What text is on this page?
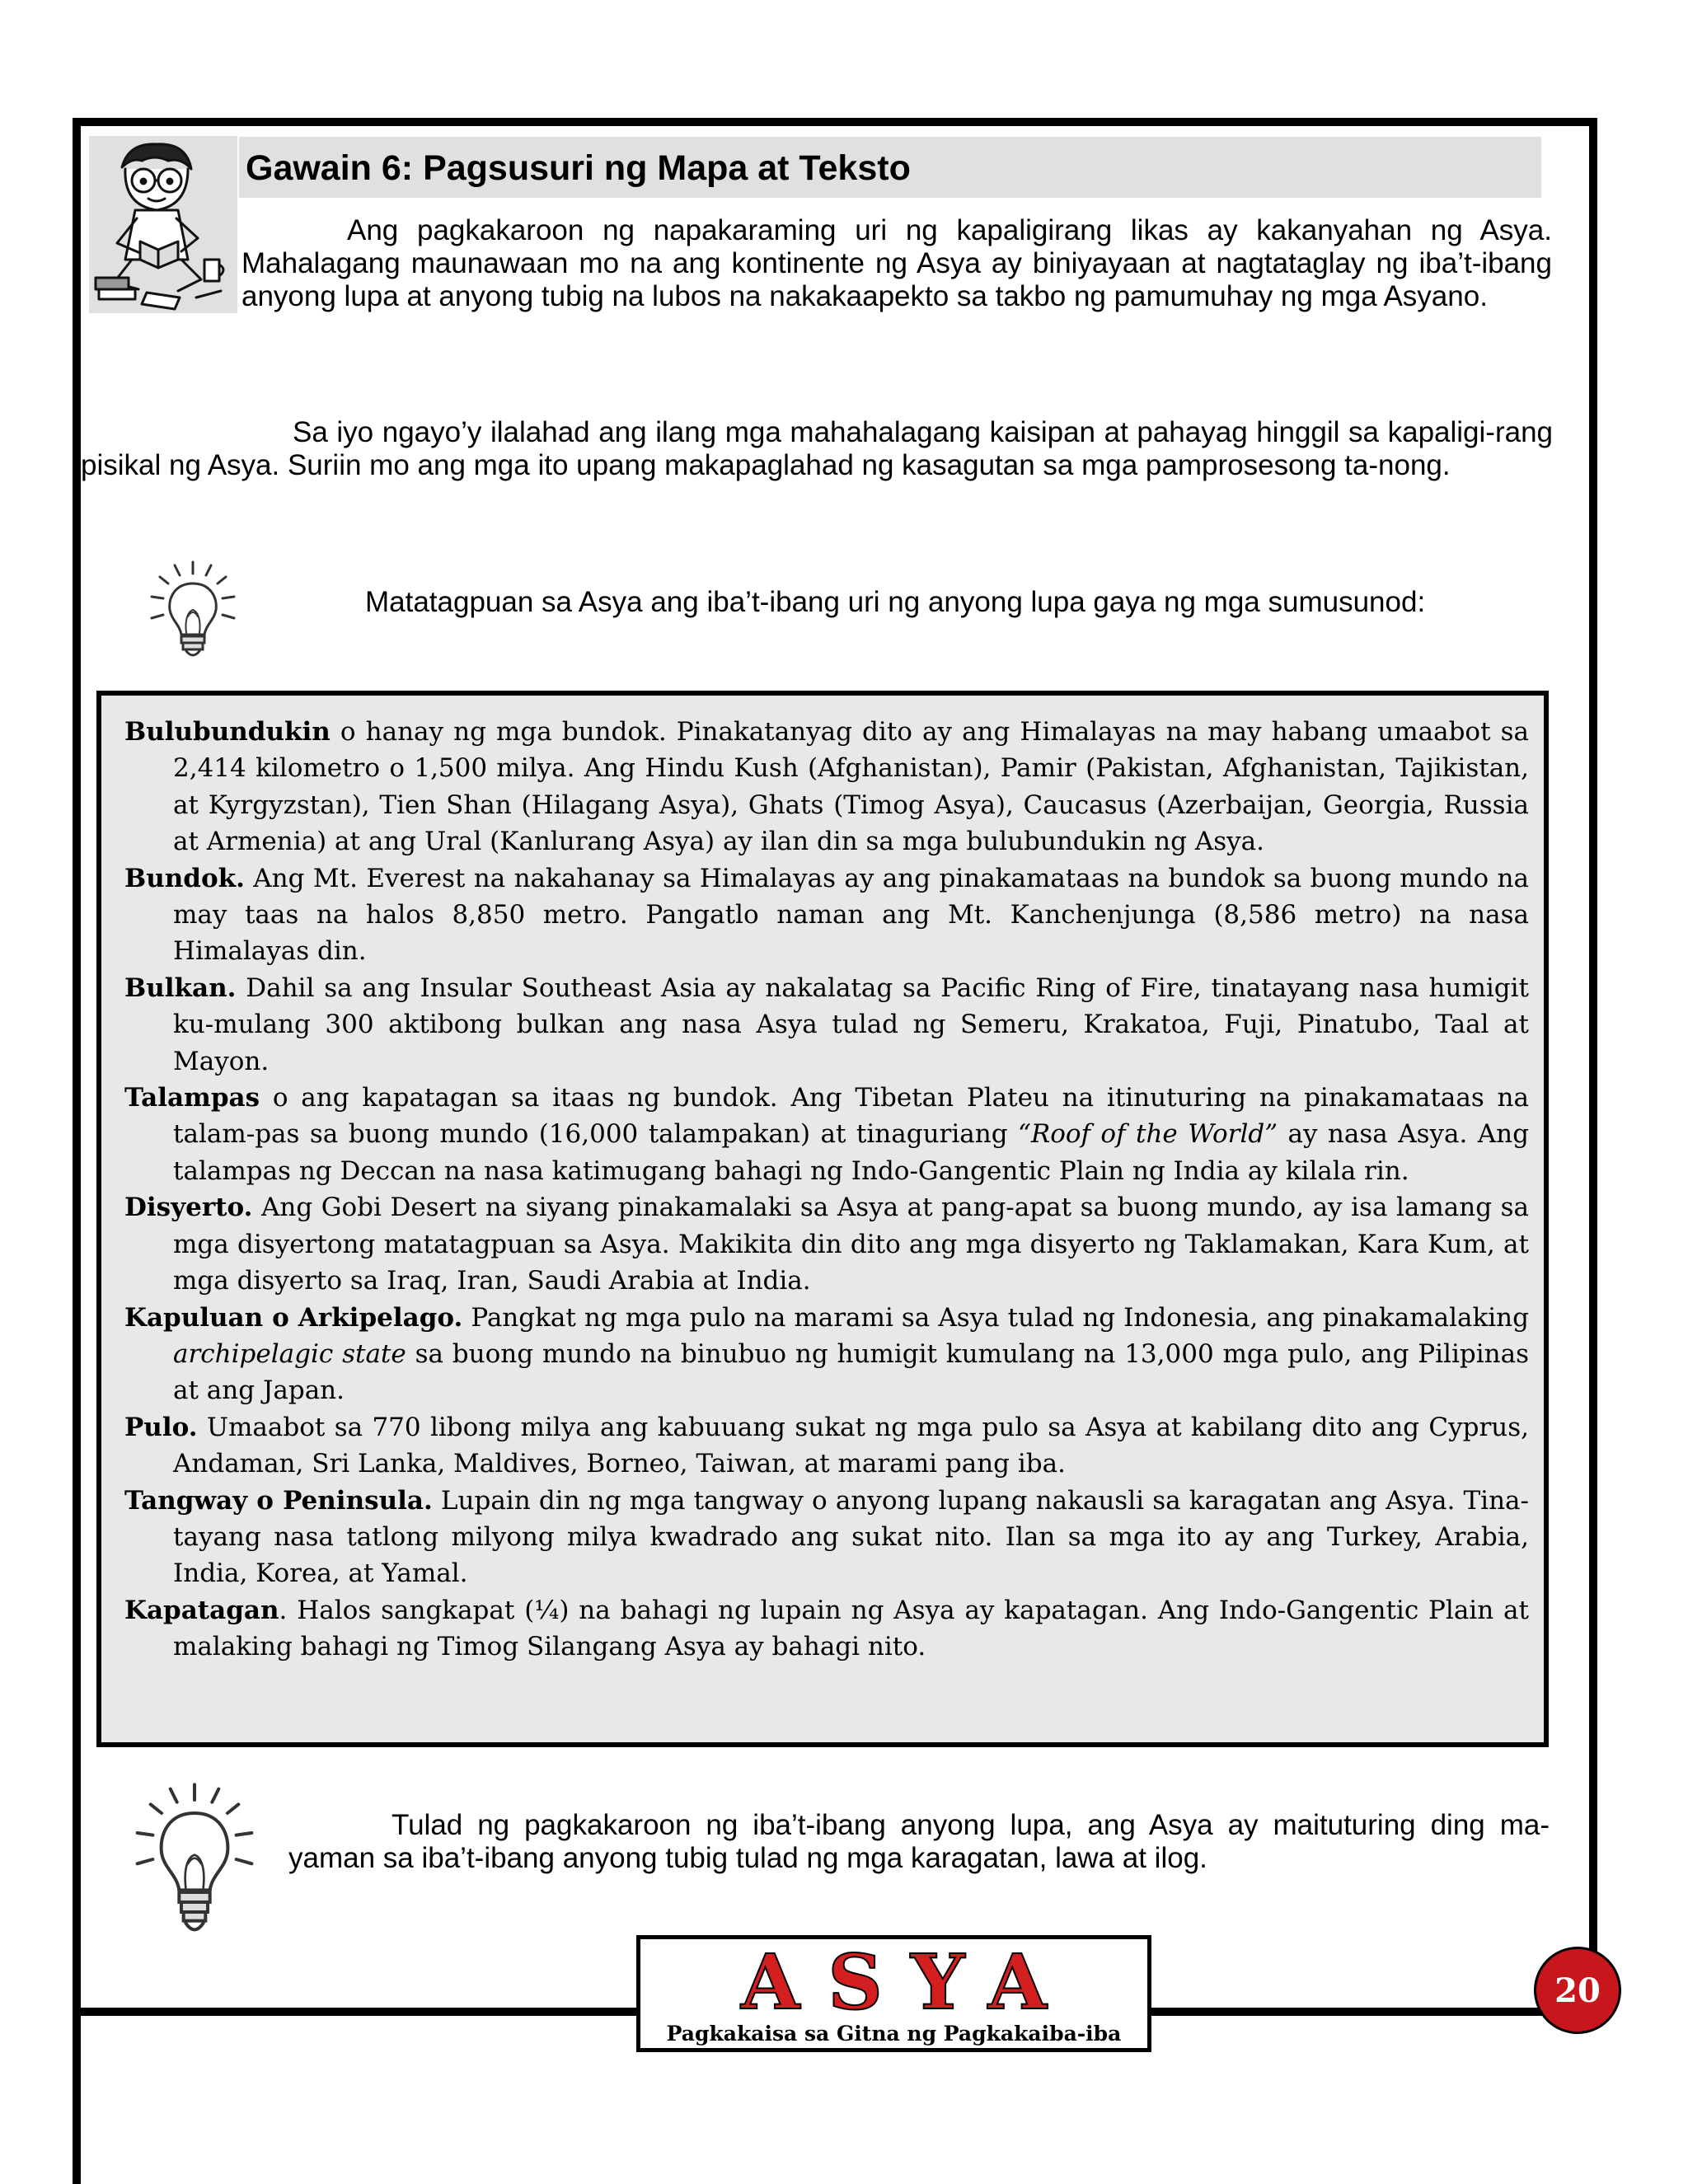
Gawain 6: Pagsusuri ng Mapa at Teksto

Ang pagkakaroon ng napakaraming uri ng kapaligirang likas ay kakanyahan ng Asya. Mahalagang maunawaan mo na ang kontinente ng Asya ay biniyayaan at nagtataglay ng iba’t-ibang anyong lupa at anyong tubig na lubos na nakakaapekto sa takbo ng pamumuhay ng mga Asyano.

Sa iyo ngayo’y ilalahad ang ilang mga mahahalagang kaisipan at pahayag hinggil sa kapaligi-rang pisikal ng Asya. Suriin mo ang mga ito upang makapaglahad ng kasagutan sa mga pamprosesong ta-nong.

Matatagpuan sa Asya ang iba’t-ibang uri ng anyong lupa gaya ng mga sumusunod:

Bulubundukin o hanay ng mga bundok. Pinakatanyag dito ay ang Himalayas na may habang umaabot sa 2,414 kilometro o 1,500 milya. Ang Hindu Kush (Afghanistan), Pamir (Pakistan, Afghanistan, Tajikistan, at Kyrgyzstan), Tien Shan (Hilagang Asya), Ghats (Timog Asya), Caucasus (Azerbaijan, Georgia, Russia at Armenia) at ang Ural (Kanlurang Asya) ay ilan din sa mga bulubundukin ng Asya.

Bundok. Ang Mt. Everest na nakahanay sa Himalayas ay ang pinakamataas na bundok sa buong mundo na may taas na halos 8,850 metro. Pangatlo naman ang Mt. Kanchenjunga (8,586 metro) na nasa Himalayas din.

Bulkan. Dahil sa ang Insular Southeast Asia ay nakalatag sa Pacific Ring of Fire, tinatayang nasa humigit ku-mulang 300 aktibong bulkan ang nasa Asya tulad ng Semeru, Krakatoa, Fuji, Pinatubo, Taal at Mayon.

Talampas o ang kapatagan sa itaas ng bundok. Ang Tibetan Plateu na itinuturing na pinakamataas na talam-pas sa buong mundo (16,000 talampakan) at tinaguriang “Roof of the World” ay nasa Asya. Ang talampas ng Deccan na nasa katimugang bahagi ng Indo-Gangentic Plain ng India ay kilala rin.

Disyerto. Ang Gobi Desert na siyang pinakamalaki sa Asya at pang-apat sa buong mundo, ay isa lamang sa mga disyertong matatagpuan sa Asya. Makikita din dito ang mga disyerto ng Taklamakan, Kara Kum, at mga disyerto sa Iraq, Iran, Saudi Arabia at India.

Kapuluan o Arkipelago. Pangkat ng mga pulo na marami sa Asya tulad ng Indonesia, ang pinakamalaking archipelagic state sa buong mundo na binubuo ng humigit kumulang na 13,000 mga pulo, ang Pilipinas at ang Japan.

Pulo. Umaabot sa 770 libong milya ang kabuuang sukat ng mga pulo sa Asya at kabilang dito ang Cyprus, Andaman, Sri Lanka, Maldives, Borneo, Taiwan, at marami pang iba.

Tangway o Peninsula. Lupain din ng mga tangway o anyong lupang nakausli sa karagatan ang Asya. Tina-tayang nasa tatlong milyong milya kwadrado ang sukat nito. Ilan sa mga ito ay ang Turkey, Arabia, India, Korea, at Yamal.

Kapatagan. Halos sangkapat (¼) na bahagi ng lupain ng Asya ay kapatagan. Ang Indo-Gangentic Plain at malaking bahagi ng Timog Silangang Asya ay bahagi nito.

Tulad ng pagkakaroon ng iba’t-ibang anyong lupa, ang Asya ay maituturing ding ma-yaman sa iba’t-ibang anyong tubig tulad ng mga karagatan, lawa at ilog.

ASYA
Pagkakaisa sa Gitna ng Pagkakaiba-iba
20
